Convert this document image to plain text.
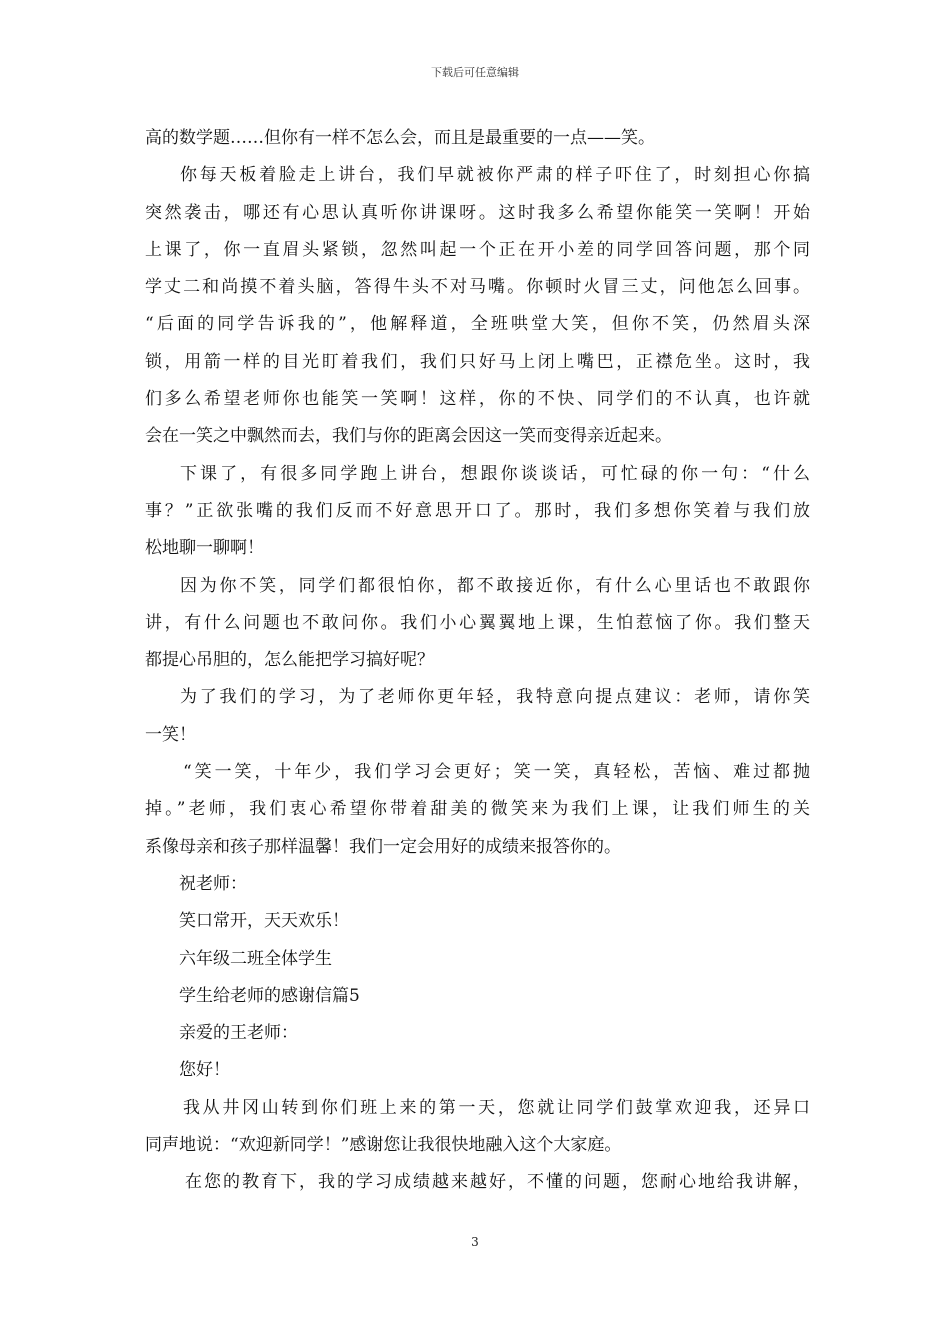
下载后可任意编辑
高的数学题……但你有一样不怎么会，而且是最重要的一点——笑。
你每天板着脸走上讲台，我们早就被你严肃的样子吓住了，时刻担心你搞
突然袭击，哪还有心思认真听你讲课呀。这时我多么希望你能笑一笑啊！开始
上课了，你一直眉头紧锁，忽然叫起一个正在开小差的同学回答问题，那个同
学丈二和尚摸不着头脑，答得牛头不对马嘴。你顿时火冒三丈，问他怎么回事。
“后面的同学告诉我的”，他解释道，全班哄堂大笑，但你不笑，仍然眉头深
锁，用箭一样的目光盯着我们，我们只好马上闭上嘴巴，正襟危坐。这时，我
们多么希望老师你也能笑一笑啊！这样，你的不快、同学们的不认真，也许就
会在一笑之中飘然而去，我们与你的距离会因这一笑而变得亲近起来。
下课了，有很多同学跑上讲台，想跟你谈谈话，可忙碌的你一句：“什么
事？”正欲张嘴的我们反而不好意思开口了。那时，我们多想你笑着与我们放
松地聊一聊啊！
因为你不笑，同学们都很怕你，都不敢接近你，有什么心里话也不敢跟你
讲，有什么问题也不敢问你。我们小心翼翼地上课，生怕惹恼了你。我们整天
都提心吊胆的，怎么能把学习搞好呢？
为了我们的学习，为了老师你更年轻，我特意向提点建议：老师，请你笑
一笑！
“笑一笑，十年少，我们学习会更好；笑一笑，真轻松，苦恼、难过都抛
掉。”老师，我们衷心希望你带着甜美的微笑来为我们上课，让我们师生的关
系像母亲和孩子那样温馨！我们一定会用好的成绩来报答你的。
祝老师：
笑口常开，天天欢乐！
六年级二班全体学生
学生给老师的感谢信篇5
亲爱的王老师：
您好！
我从井冈山转到你们班上来的第一天，您就让同学们鼓掌欢迎我，还异口
同声地说：“欢迎新同学！”感谢您让我很快地融入这个大家庭。
在您的教育下，我的学习成绩越来越好，不懂的问题，您耐心地给我讲解，
3
